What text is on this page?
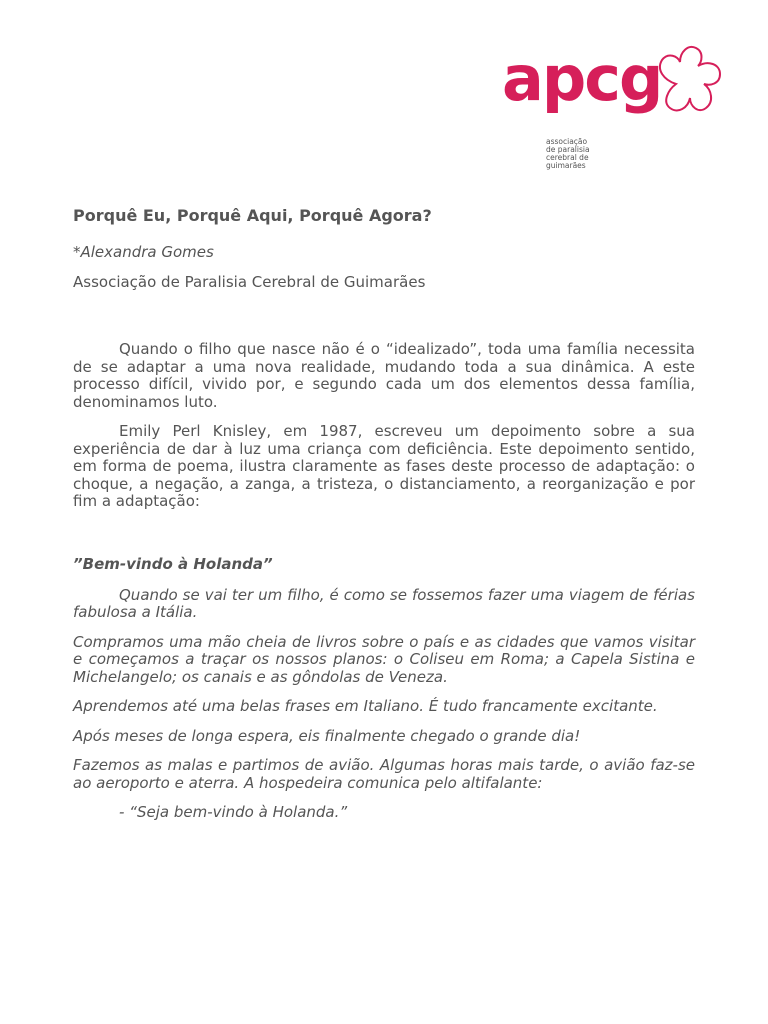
apcg
associação
de paralisia
cerebral de
guimarães
Porquê Eu, Porquê Aqui, Porquê Agora?
*Alexandra Gomes
Associação de Paralisia Cerebral de Guimarães

Quando o filho que nasce não é o “idealizado”, toda uma família necessita de se adaptar a uma nova realidade, mudando toda a sua dinâmica. A este processo difícil, vivido por, e segundo cada um dos elementos dessa família, denominamos luto.

Emily Perl Knisley, em 1987, escreveu um depoimento sobre a sua experiência de dar à luz uma criança com deficiência. Este depoimento sentido, em forma de poema, ilustra claramente as fases deste processo de adaptação: o choque, a negação, a zanga, a tristeza, o distanciamento, a reorganização e por fim a adaptação:

”Bem-vindo à Holanda”

Quando se vai ter um filho, é como se fossemos fazer uma viagem de férias fabulosa a Itália.

Compramos uma mão cheia de livros sobre o país e as cidades que vamos visitar e começamos a traçar os nossos planos: o Coliseu em Roma; a Capela Sistina e Michelangelo; os canais e as gôndolas de Veneza.

Aprendemos até uma belas frases em Italiano. É tudo francamente excitante.

Após meses de longa espera, eis finalmente chegado o grande dia!

Fazemos as malas e partimos de avião. Algumas horas mais tarde, o avião faz-se ao aeroporto e aterra. A hospedeira comunica pelo altifalante:

- “Seja bem-vindo à Holanda.”
